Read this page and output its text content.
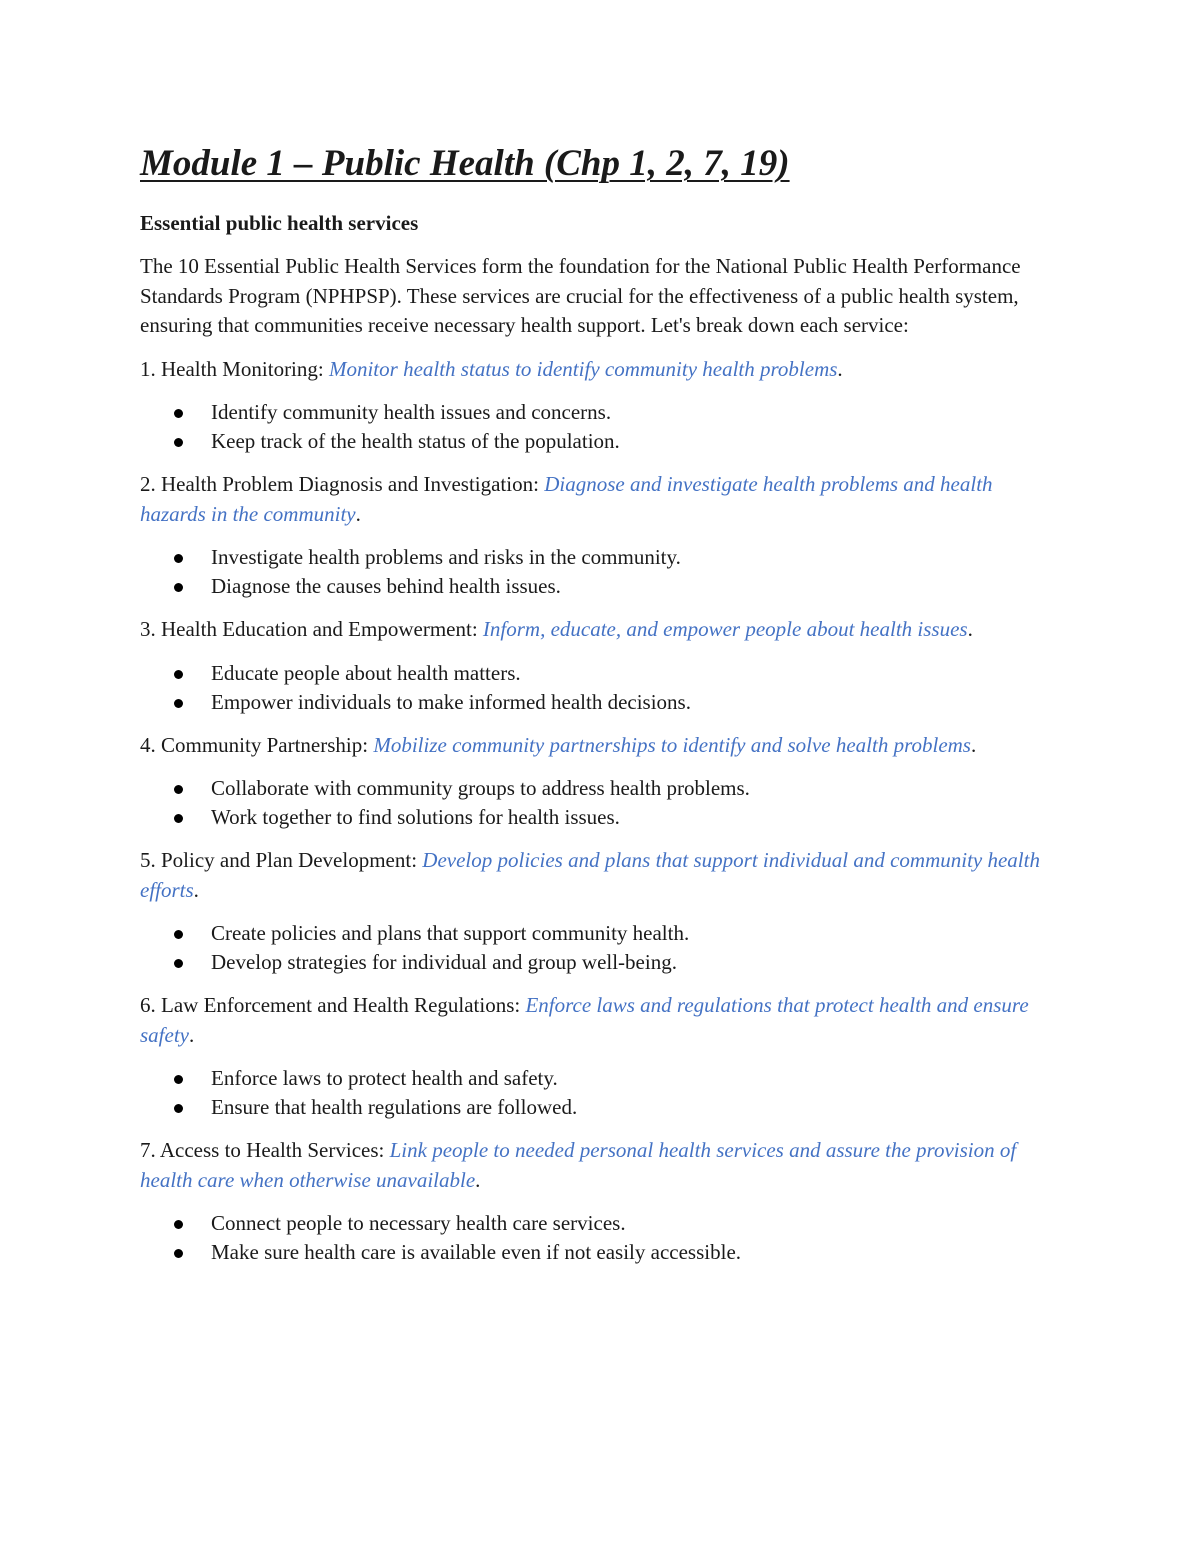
Module 1 – Public Health (Chp 1, 2, 7, 19)
Essential public health services

The 10 Essential Public Health Services form the foundation for the National Public Health Performance Standards Program (NPHPSP). These services are crucial for the effectiveness of a public health system, ensuring that communities receive necessary health support. Let's break down each service:

1. Health Monitoring: Monitor health status to identify community health problems.

Identify community health issues and concerns.
Keep track of the health status of the population.

2. Health Problem Diagnosis and Investigation: Diagnose and investigate health problems and health hazards in the community.

Investigate health problems and risks in the community.
Diagnose the causes behind health issues.

3. Health Education and Empowerment: Inform, educate, and empower people about health issues.

Educate people about health matters.
Empower individuals to make informed health decisions.

4. Community Partnership: Mobilize community partnerships to identify and solve health problems.

Collaborate with community groups to address health problems.
Work together to find solutions for health issues.

5. Policy and Plan Development: Develop policies and plans that support individual and community health efforts.

Create policies and plans that support community health.
Develop strategies for individual and group well-being.

6. Law Enforcement and Health Regulations: Enforce laws and regulations that protect health and ensure safety.

Enforce laws to protect health and safety.
Ensure that health regulations are followed.

7. Access to Health Services: Link people to needed personal health services and assure the provision of health care when otherwise unavailable.

Connect people to necessary health care services.
Make sure health care is available even if not easily accessible.
